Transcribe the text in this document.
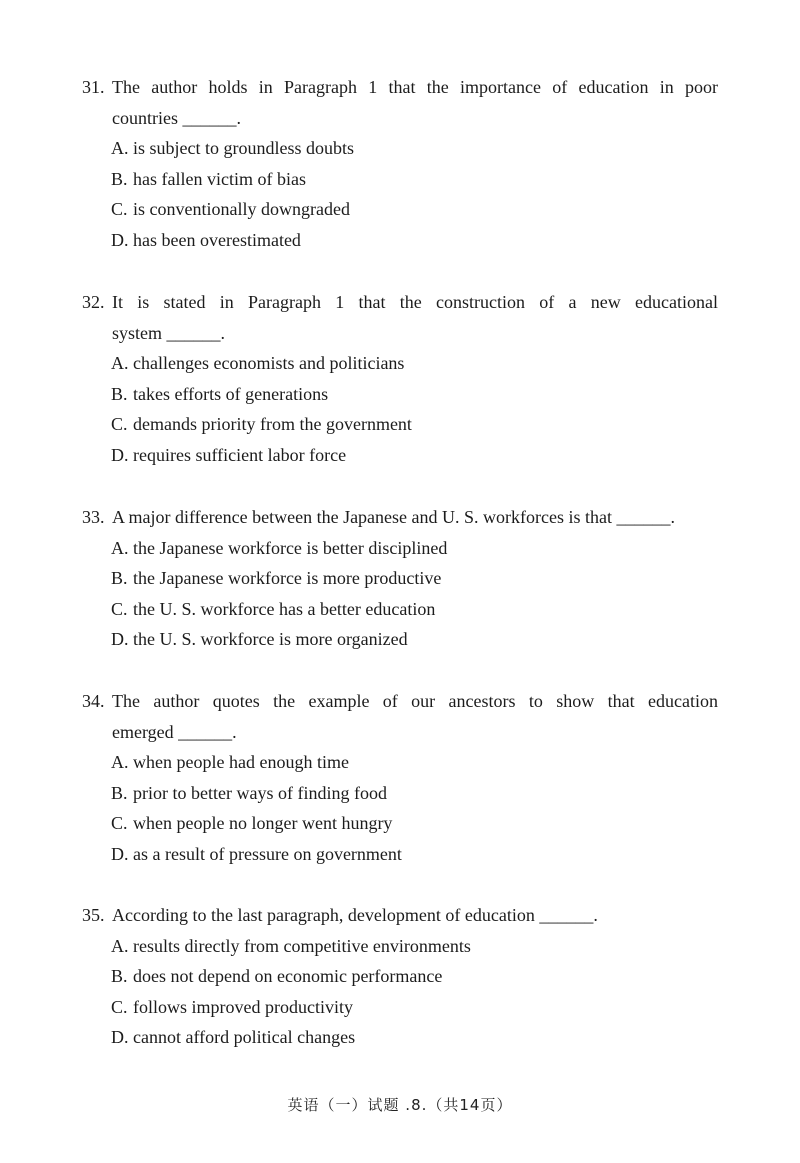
31. The author holds in Paragraph 1 that the importance of education in poor
countries ______.
A. is subject to groundless doubts
B. has fallen victim of bias
C. is conventionally downgraded
D. has been overestimated
32. It is stated in Paragraph 1 that the construction of a new educational
system ______.
A. challenges economists and politicians
B. takes efforts of generations
C. demands priority from the government
D. requires sufficient labor force
33. A major difference between the Japanese and U. S. workforces is that ______.
A. the Japanese workforce is better disciplined
B. the Japanese workforce is more productive
C. the U. S. workforce has a better education
D. the U. S. workforce is more organized
34. The author quotes the example of our ancestors to show that education
emerged ______.
A. when people had enough time
B. prior to better ways of finding food
C. when people no longer went hungry
D. as a result of pressure on government
35. According to the last paragraph, development of education ______.
A. results directly from competitive environments
B. does not depend on economic performance
C. follows improved productivity
D. cannot afford political changes
英语（一）试题 .8.（共14页）
